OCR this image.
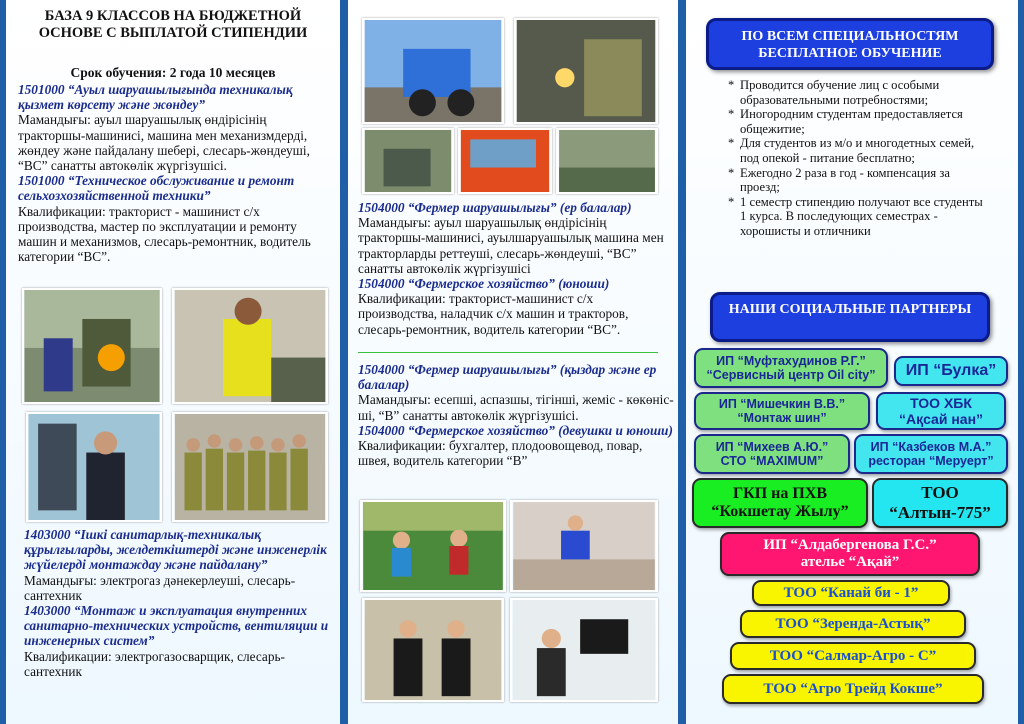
БАЗА 9 КЛАССОВ НА БЮДЖЕТНОЙ ОСНОВЕ С ВЫПЛАТОЙ СТИПЕНДИИ
Срок обучения: 2 года 10 месяцев
1501000 “Ауыл шаруашылығында техникалық қызмет көрсету және жөндеу”
Мамандығы: ауыл шаруашылық өндірісінің тракторшы-машинисі, машина мен механизмдерді, жөндеу және пайдалану шебері, слесарь-жөндеуші, “ВС” санатты автокөлік жүргізушісі.
1501000 “Техническое обслуживание и ремонт сельхозхозяйственной техники”
Квалификации: тракторист - машинист с/х производства, мастер по эксплуатации и ремонту машин и механизмов, слесарь-ремонтник, водитель категории “ВС”.
1403000 “Ішкі санитарлық-техникалық құрылғыларды, желдеткіштерді және инженерлік жүйелерді монтаждау және пайдалану”
Мамандығы: электрогаз дәнекерлеуші, слесарь-сантехник
1403000 “Монтаж и эксплуатация внутренних санитарно-технических устройств, вентиляции и инженерных систем”
Квалификации: электрогазосварщик, слесарь-сантехник
1504000 “Фермер шаруашылығы” (ер балалар)
Мамандығы: ауыл шаруашылық өндірісінің тракторшы-машинисі, ауылшаруашылық машина мен тракторларды реттеуші, слесарь-жөндеуші, “ВС” санатты автокөлік жүргізушісі
1504000 “Фермерское хозяйство” (юноши)
Квалификации: тракторист-машинист с/х производства, наладчик с/х машин и тракторов, слесарь-ремонтник, водитель категории “ВС”.
1504000 “Фермер шаруашылығы” (қыздар және ер балалар)
Мамандығы: есепші, аспазшы, тігінші, жеміс - көкөнісші, “В” санатты автокөлік жүргізушісі.
1504000 “Фермерское хозяйство” (девушки и юноши)
Квалификации: бухгалтер, плодоовощевод, повар, швея, водитель категории “В”
ПО ВСЕМ СПЕЦИАЛЬНОСТЯМ БЕСПЛАТНОЕ ОБУЧЕНИЕ
* Проводится обучение лиц с особыми образовательными потребностями;
* Иногородним студентам предоставляется общежитие;
* Для студентов из м/о и многодетных семей, под опекой - питание бесплатно;
* Ежегодно 2 раза в год - компенсация за проезд;
* 1 семестр стипендию получают все студенты 1 курса. В последующих семестрах - хорошисты и отличники
НАШИ СОЦИАЛЬНЫЕ ПАРТНЕРЫ
ИП “Муфтахудинов Р.Г.”
“Сервисный центр Oil city” ИП “Булка”
ИП “Мишечкин В.В.”
“Монтаж шин”
ТОО ХБК
“Ақсай нан”
ИП “Михеев А.Ю.”
СТО “MAXIMUM”
ИП “Казбеков М.А.”
ресторан “Меруерт”
ГКП на ПХВ
“Кокшетау Жылу”
ТОО
“Алтын-775”
ИП “Алдабергенова Г.С.”
ателье “Ақай”
ТОО “Канай би - 1”
ТОО “Зеренда-Астық”
ТОО “Салмар-Агро - С”
ТОО “Агро Трейд Кокше”
